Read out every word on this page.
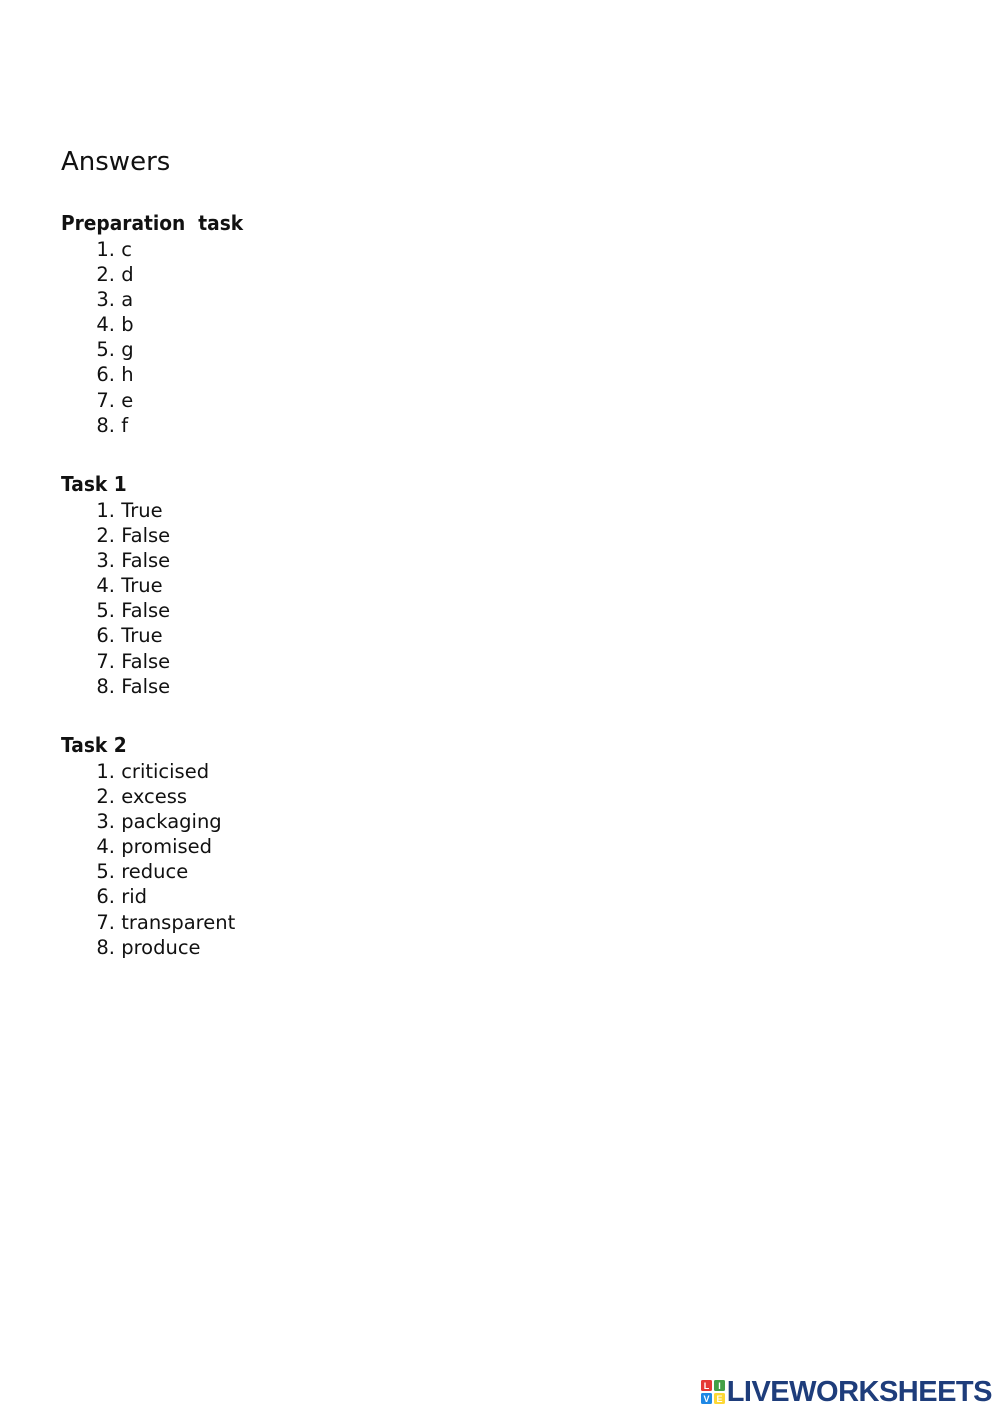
Answers
Preparation  task
1. c
2. d
3. a
4. b
5. g
6. h
7. e
8. f
Task 1
1. True
2. False
3. False
4. True
5. False
6. True
7. False
8. False
Task 2
1. criticised
2. excess
3. packaging
4. promised
5. reduce
6. rid
7. transparent
8. produce
L I
V E LIVEWORKSHEETS
